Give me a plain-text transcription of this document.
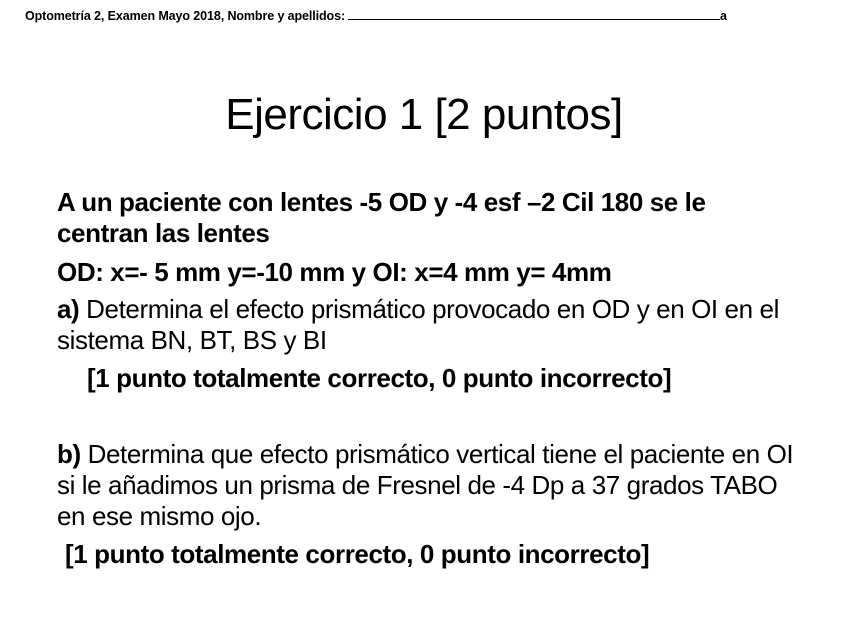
Optometría 2, Examen Mayo 2018, Nombre y apellidos:	a
Ejercicio 1 [2 puntos]
A un paciente con lentes -5 OD y -4 esf –2 Cil 180 se le centran las lentes
OD: x=- 5 mm y=-10 mm y OI: x=4 mm y= 4mm
a) Determina el efecto prismático provocado en OD y en OI en el sistema BN, BT, BS y BI
[1 punto totalmente correcto, 0 punto incorrecto]
b) Determina que efecto prismático vertical tiene el paciente en OI si le añadimos un prisma de Fresnel de -4 Dp a 37 grados TABO en ese mismo ojo.
[1 punto totalmente correcto, 0 punto incorrecto]
